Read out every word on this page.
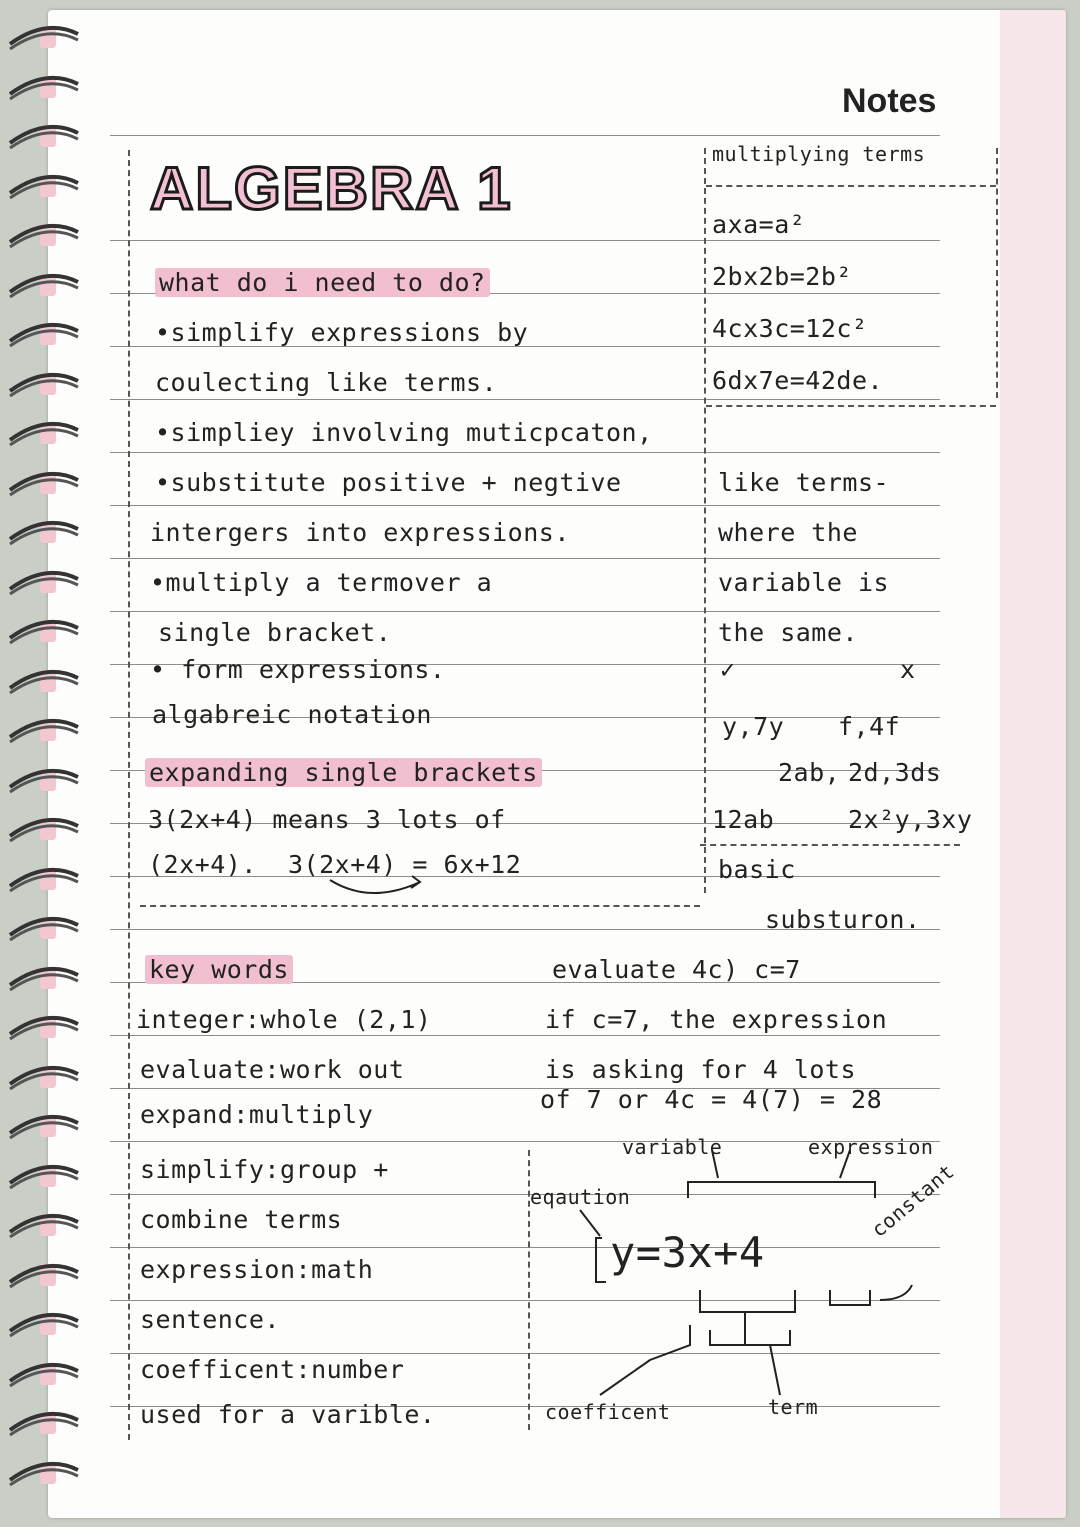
Notes
ALGEBRA 1
what do i need to do?
•simplify expressions by
coulecting like terms.
•simpliey involving muticpcaton,
•substitute positive + negtive
intergers into expressions.
•multiply a termover a
single bracket.
• form expressions.
algabreic notation
multiplying terms
axa=a²
2bx2b=2b²
4cx3c=12c²
6dx7e=42de.
like terms-
where the
variable is
the same.
✓	x
y,7y f,4f
2ab, 2d,3ds
12ab	2x²y,3xy
expanding single brackets
3(2x+4) means 3 lots of
(2x+4). 3(2x+4) = 6x+12	basic
substuron.
key words
integer:whole (2,1)
evaluate:work out
expand:multiply
simplify:group +
combine terms
expression:math
sentence.
coefficent:number
used for a varible.
evaluate 4c) c=7
if c=7, the expression
is asking for 4 lots
of 7 or 4c = 4(7) = 28
variable	expression
eqaution
y=3x+4
constant
coefficent	term
